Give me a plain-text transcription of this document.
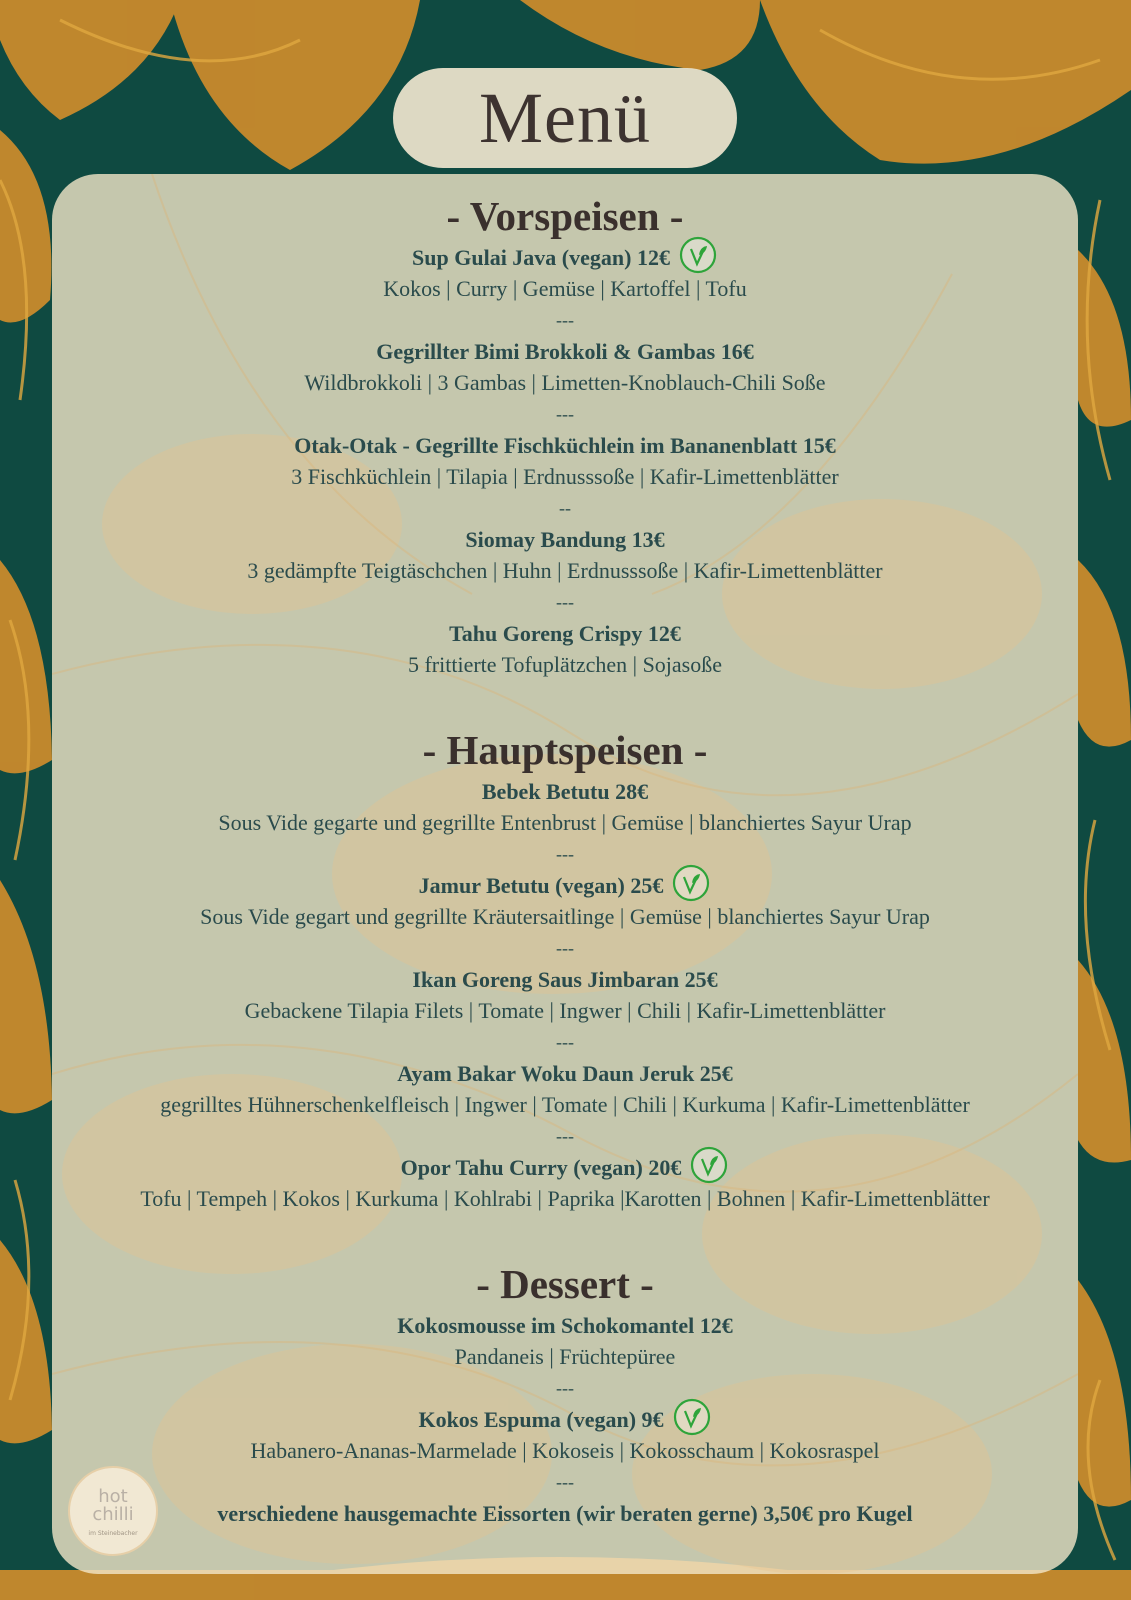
Menü
- Vorspeisen -
Sup Gulai Java (vegan) 12€
Kokos | Curry | Gemüse | Kartoffel | Tofu
---
Gegrillter Bimi Brokkoli & Gambas 16€
Wildbrokkoli | 3 Gambas | Limetten-Knoblauch-Chili Soße
---
Otak-Otak - Gegrillte Fischküchlein im Bananenblatt 15€
3 Fischküchlein | Tilapia | Erdnusssoße | Kafir-Limettenblätter
--
Siomay Bandung 13€
3 gedämpfte Teigtäschchen | Huhn | Erdnusssoße | Kafir-Limettenblätter
---
Tahu Goreng Crispy 12€
5 frittierte Tofuplätzchen | Sojasoße
- Hauptspeisen -
Bebek Betutu 28€
Sous Vide gegarte und gegrillte Entenbrust | Gemüse | blanchiertes Sayur Urap
---
Jamur Betutu (vegan) 25€
Sous Vide gegart und gegrillte Kräutersaitlinge | Gemüse | blanchiertes Sayur Urap
---
Ikan Goreng Saus Jimbaran 25€
Gebackene Tilapia Filets | Tomate | Ingwer | Chili | Kafir-Limettenblätter
---
Ayam Bakar Woku Daun Jeruk 25€
gegrilltes Hühnerschenkelfleisch | Ingwer | Tomate | Chili | Kurkuma | Kafir-Limettenblätter
---
Opor Tahu Curry (vegan) 20€
Tofu | Tempeh | Kokos | Kurkuma | Kohlrabi | Paprika |Karotten | Bohnen | Kafir-Limettenblätter
- Dessert -
Kokosmousse im Schokomantel 12€
Pandaneis | Früchtepüree
---
Kokos Espuma (vegan) 9€
Habanero-Ananas-Marmelade | Kokoseis | Kokosschaum | Kokosraspel
---
verschiedene hausgemachte Eissorten (wir beraten gerne) 3,50€ pro Kugel
hot
chilli
im Steinebacher
